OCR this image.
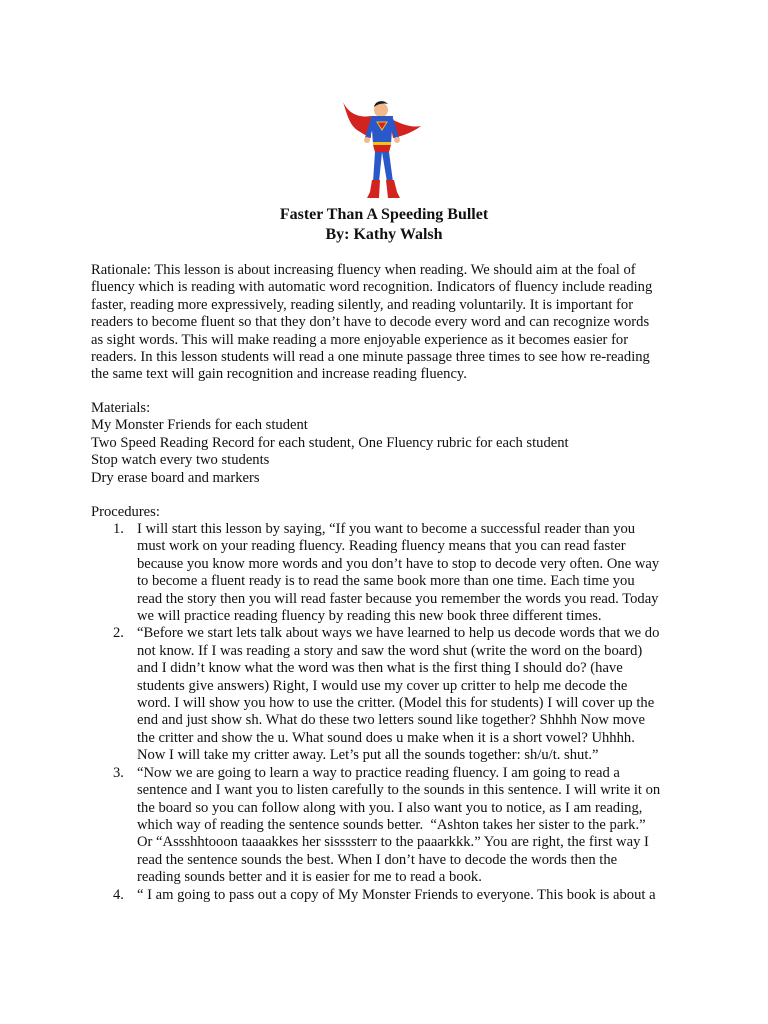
Faster Than A Speeding Bullet
By: Kathy Walsh
Rationale: This lesson is about increasing fluency when reading. We should aim at the foal of
fluency which is reading with automatic word recognition. Indicators of fluency include reading
faster, reading more expressively, reading silently, and reading voluntarily. It is important for
readers to become fluent so that they don’t have to decode every word and can recognize words
as sight words. This will make reading a more enjoyable experience as it becomes easier for
readers. In this lesson students will read a one minute passage three times to see how re-reading
the same text will gain recognition and increase reading fluency.
Materials:
My Monster Friends for each student
Two Speed Reading Record for each student, One Fluency rubric for each student
Stop watch every two students
Dry erase board and markers
Procedures:
1. I will start this lesson by saying, “If you want to become a successful reader than you
must work on your reading fluency. Reading fluency means that you can read faster
because you know more words and you don’t have to stop to decode very often. One way
to become a fluent ready is to read the same book more than one time. Each time you
read the story then you will read faster because you remember the words you read. Today
we will practice reading fluency by reading this new book three different times.
2. “Before we start lets talk about ways we have learned to help us decode words that we do
not know. If I was reading a story and saw the word shut (write the word on the board)
and I didn’t know what the word was then what is the first thing I should do? (have
students give answers) Right, I would use my cover up critter to help me decode the
word. I will show you how to use the critter. (Model this for students) I will cover up the
end and just show sh. What do these two letters sound like together? Shhhh Now move
the critter and show the u. What sound does u make when it is a short vowel? Uhhhh.
Now I will take my critter away. Let’s put all the sounds together: sh/u/t. shut.”
3. “Now we are going to learn a way to practice reading fluency. I am going to read a
sentence and I want you to listen carefully to the sounds in this sentence. I will write it on
the board so you can follow along with you. I also want you to notice, as I am reading,
which way of reading the sentence sounds better.  “Ashton takes her sister to the park.”
Or “Assshhtooon taaaakkes her sissssterr to the paaarkkk.” You are right, the first way I
read the sentence sounds the best. When I don’t have to decode the words then the
reading sounds better and it is easier for me to read a book.
4. “ I am going to pass out a copy of My Monster Friends to everyone. This book is about a
